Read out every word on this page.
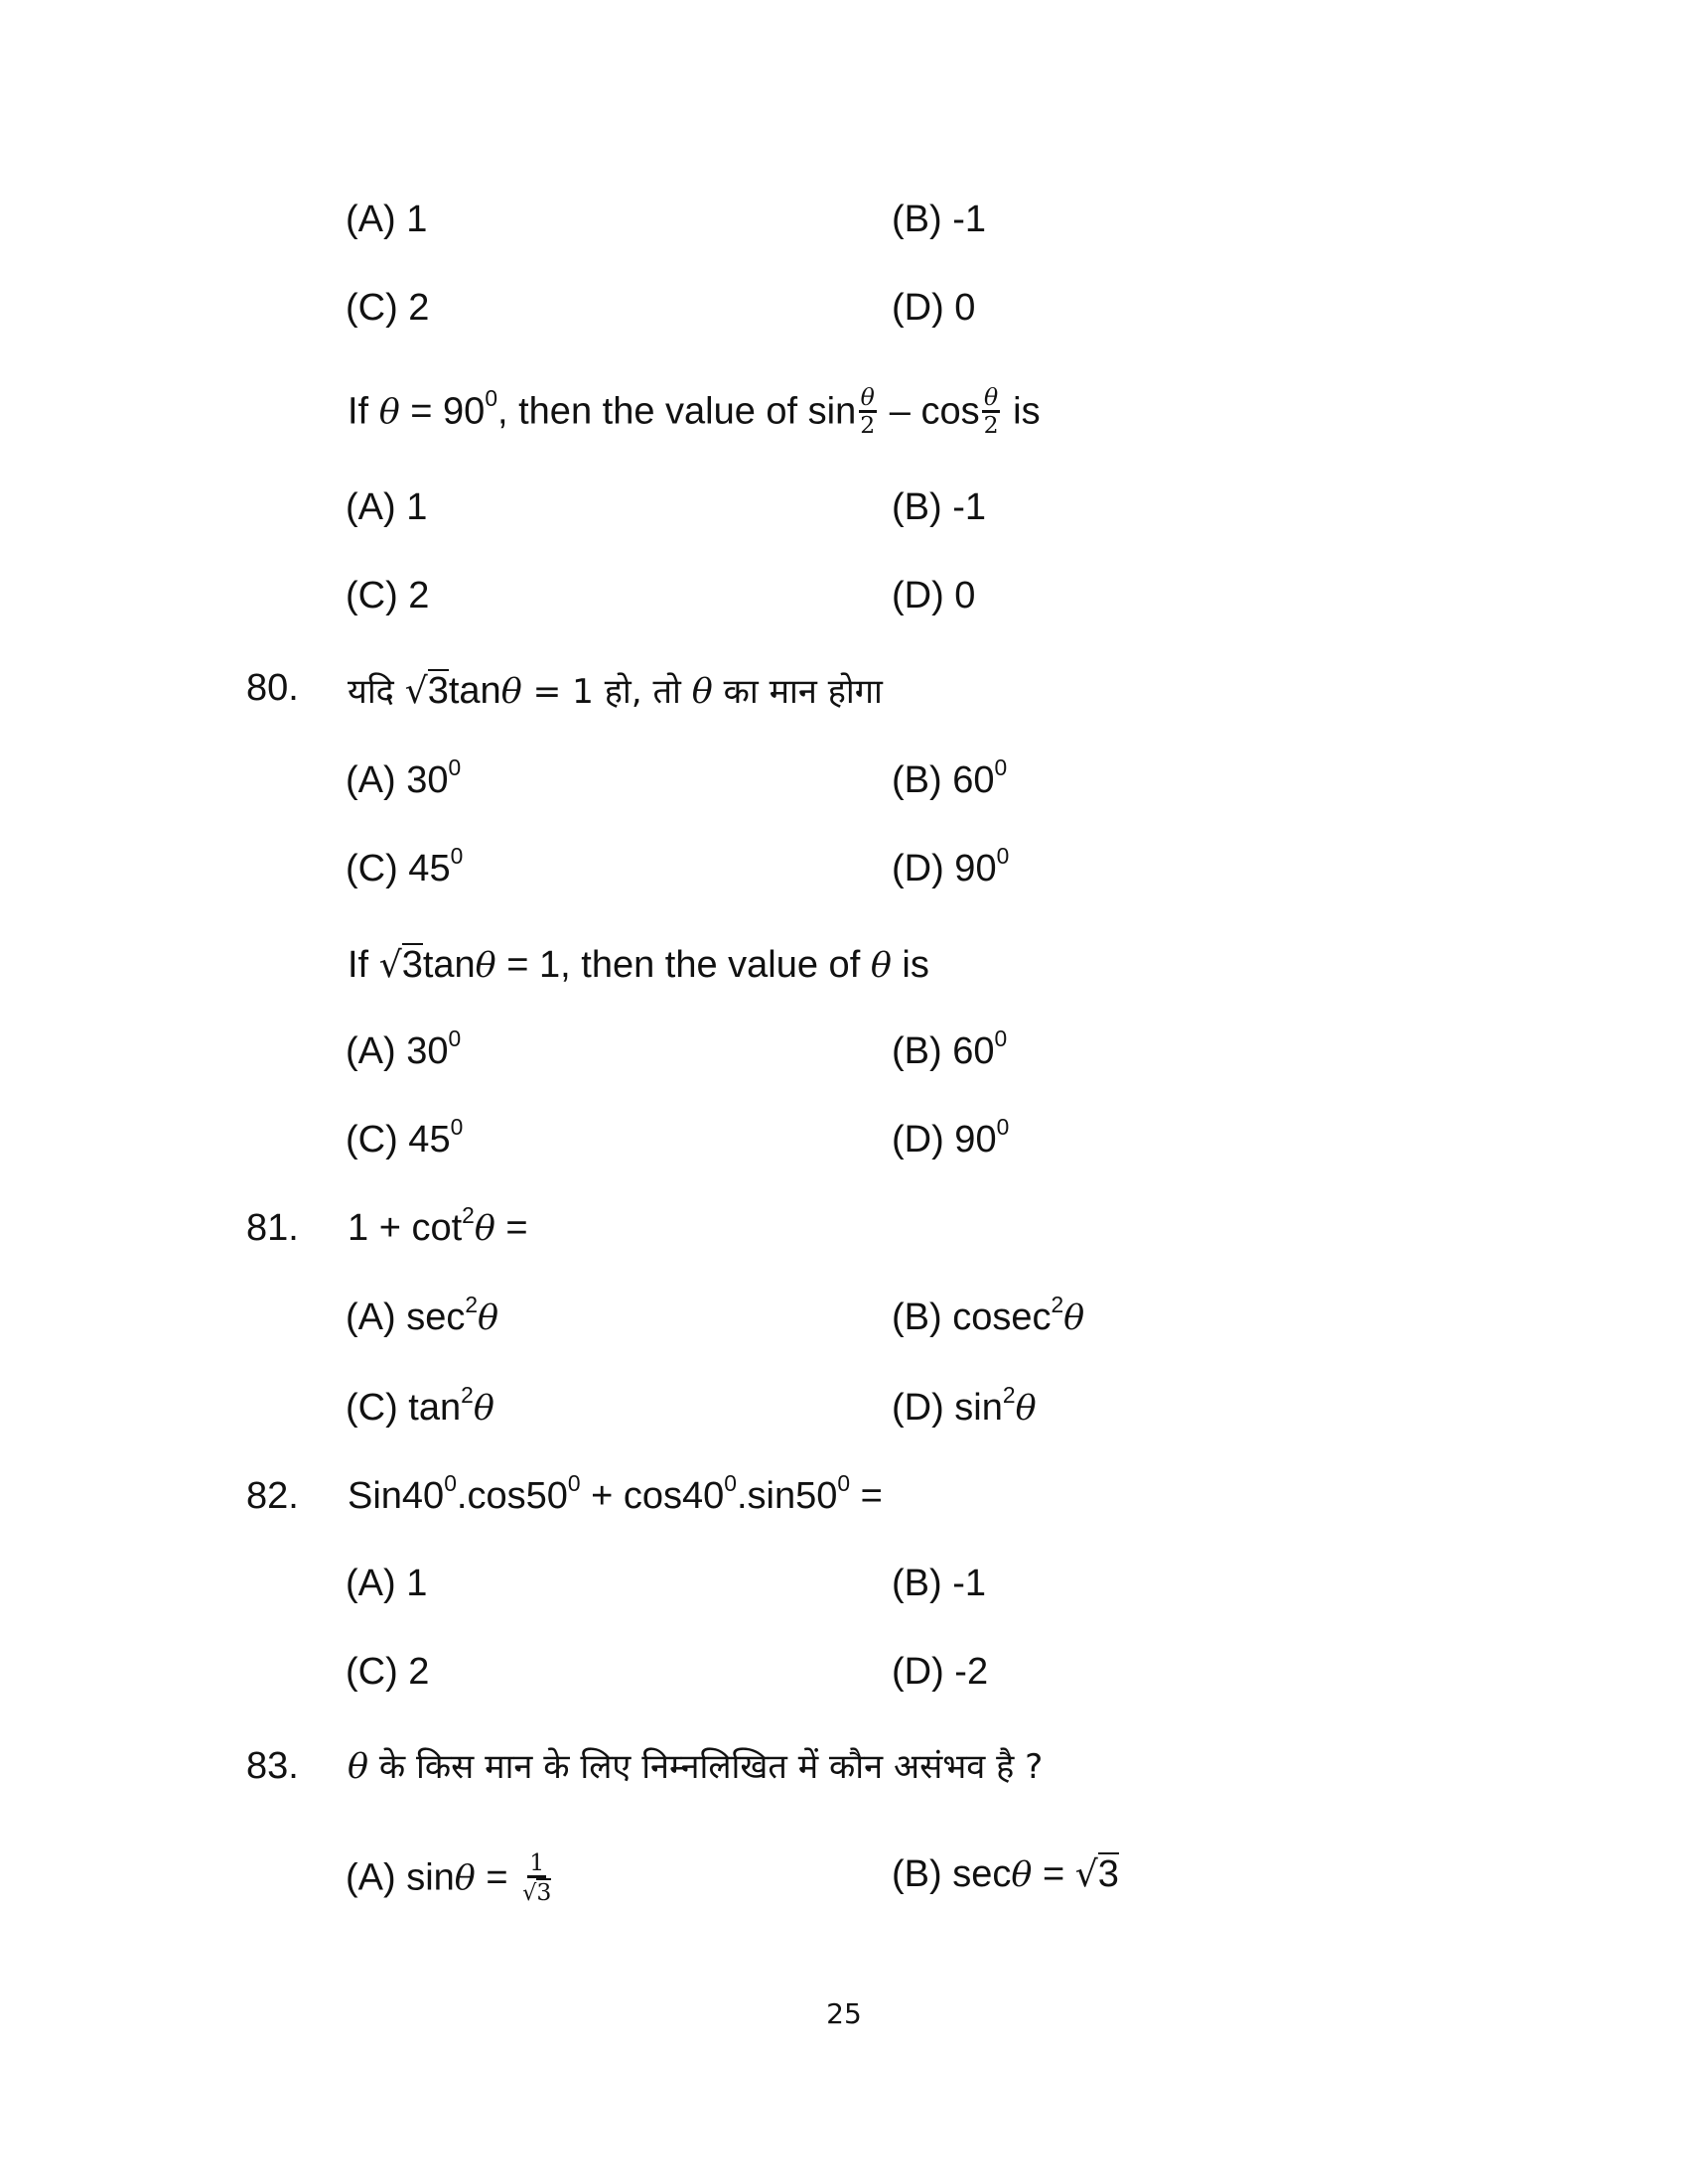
(A) 1	(B) -1
(C) 2	(D) 0
If $\theta = 90^0$, then the value of $\sin \frac{\theta}{2}$ – $\cos \frac{\theta}{2}$ is
(A) 1	(B) -1
(C) 2	(D) 0
80. यदि √3tanθ = 1 हो, तो θ का मान होगा
(A) $30^0$	(B) $60^0$
(C) $45^0$	(D) $90^0$
If √3tanθ = 1, then the value of θ is
(A) $30^0$	(B) $60^0$
(C) $45^0$	(D) $90^0$
81. $1 + \cot^2\theta$ =
(A) $\sec^2\theta$	(B) cosec$^2$θ
(C) $\tan^2\theta$	(D) $\sin^2\theta$
82. $Sin40^0.\cos 50^0 + \cos 40^0.\sin 50^0$ =
(A) 1	(B) -1
(C) 2	(D) -2
83. θ के किस मान के लिए निम्नलिखित में कौन असंभव है ?
(A) $\sin\theta = \frac{1}{√3}$	(B) secθ = √3
25
